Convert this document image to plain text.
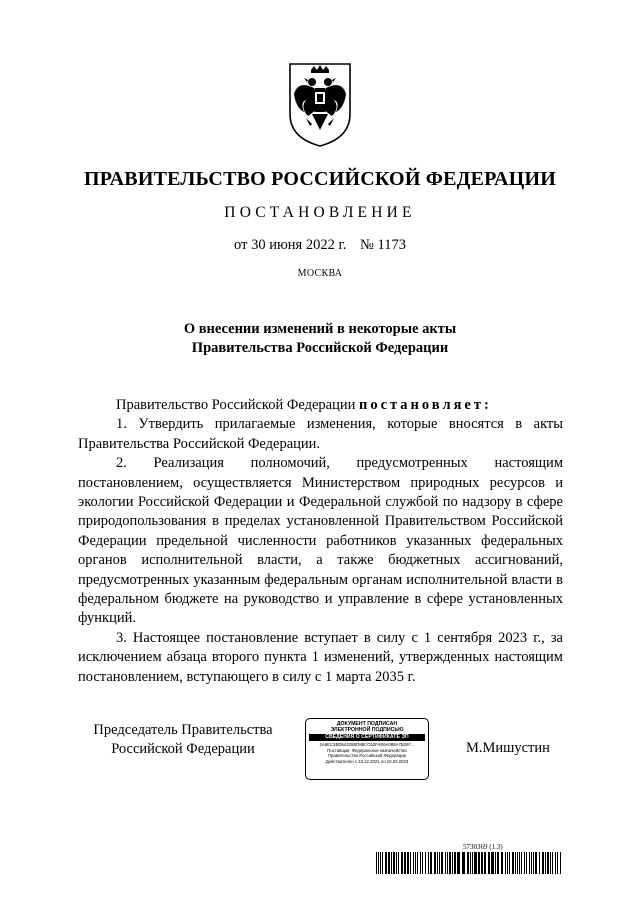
ПРАВИТЕЛЬСТВО РОССИЙСКОЙ ФЕДЕРАЦИИ
ПОСТАНОВЛЕНИЕ
от 30 июня 2022 г. № 1173
МОСКВА
О внесении изменений в некоторые акты
Правительства Российской Федерации

Правительство Российской Федерации постановляет:

1. Утвердить прилагаемые изменения, которые вносятся в акты Правительства Российской Федерации.

2. Реализация полномочий, предусмотренных настоящим постановлением, осуществляется Министерством природных ресурсов и экологии Российской Федерации и Федеральной службой по надзору в сфере природопользования в пределах установленной Правительством Российской Федерации предельной численности работников указанных федеральных органов исполнительной власти, а также бюджетных ассигнований, предусмотренных указанным федеральным органам исполнительной власти в федеральном бюджете на руководство и управление в сфере установленных функций.

3. Настоящее постановление вступает в силу с 1 сентября 2023 г., за исключением абзаца второго пункта 1 изменений, утвержденных настоящим постановлением, вступающего в силу с 1 марта 2035 г.

Председатель Правительства
Российской Федерации
ДОКУМЕНТ ПОДПИСАН
ЭЛЕКТРОННОЙ ПОДПИСЬЮ
СВЕДЕНИЯ О СЕРТИФИКАТЕ ЭП
2A9EC2BD54325BD88CC62FAE6A088A7B297...
Поставщик: Федеральное казначейство
Правительство Российской Федерации
Действителен с 10.12.2021 по 10.03.2023
М.Мишустин
5730369 (1.3)
